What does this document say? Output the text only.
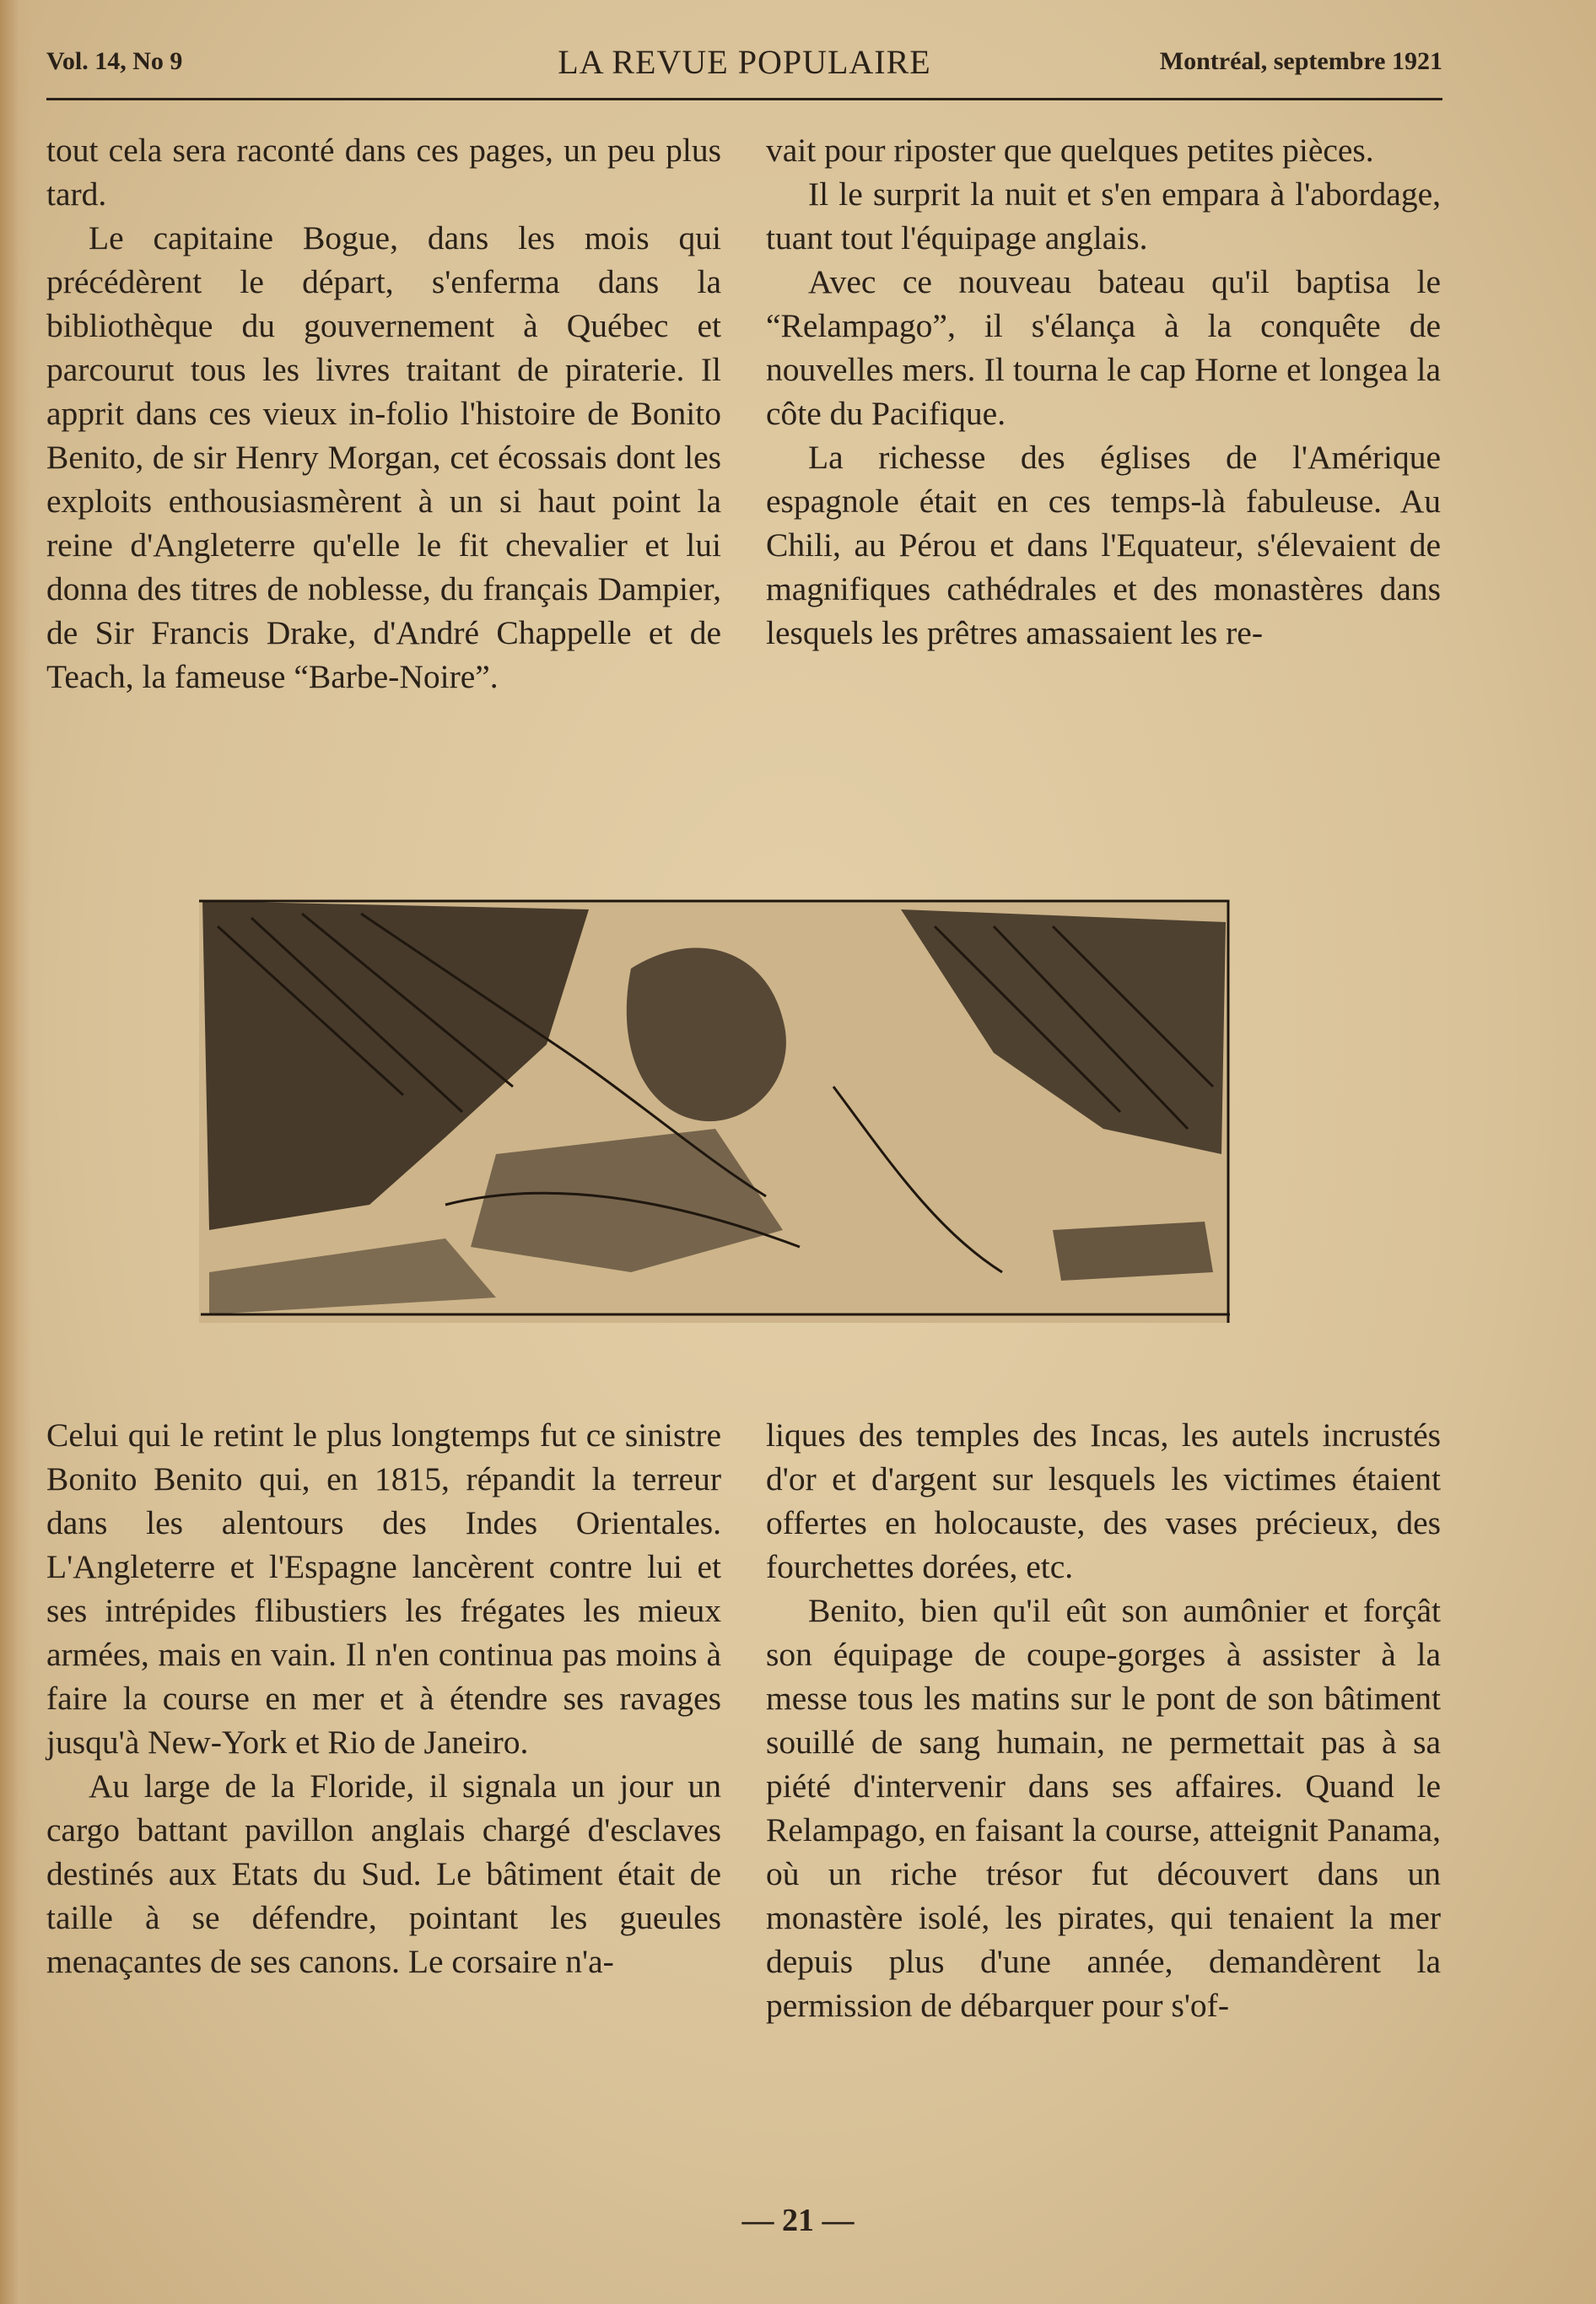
LA REVUE POPULAIRE
Vol. 14, No 9	Montréal, septembre 1921

tout cela sera raconté dans ces pages, un peu plus tard.

Le capitaine Bogue, dans les mois qui précédèrent le départ, s'enferma dans la bibliothèque du gouvernement à Québec et parcourut tous les livres traitant de piraterie. Il apprit dans ces vieux in-folio l'histoire de Bonito Benito, de sir Henry Morgan, cet écossais dont les exploits enthousiasmèrent à un si haut point la reine d'Angleterre qu'elle le fit chevalier et lui donna des titres de noblesse, du français Dampier, de Sir Francis Drake, d'André Chappelle et de Teach, la fameuse “Barbe-Noire”.

vait pour riposter que quelques petites pièces.

Il le surprit la nuit et s'en empara à l'abordage, tuant tout l'équipage anglais.

Avec ce nouveau bateau qu'il baptisa le “Relampago”, il s'élança à la conquête de nouvelles mers. Il tourna le cap Horne et longea la côte du Pacifique.

La richesse des églises de l'Amérique espagnole était en ces temps-là fabuleuse. Au Chili, au Pérou et dans l'Equateur, s'élevaient de magnifiques cathédrales et des monastères dans lesquels les prêtres amassaient les re-

Celui qui le retint le plus longtemps fut ce sinistre Bonito Benito qui, en 1815, répandit la terreur dans les alentours des Indes Orientales. L'Angleterre et l'Espagne lancèrent contre lui et ses intrépides flibustiers les frégates les mieux armées, mais en vain. Il n'en continua pas moins à faire la course en mer et à étendre ses ravages jusqu'à New-York et Rio de Janeiro.

Au large de la Floride, il signala un jour un cargo battant pavillon anglais chargé d'esclaves destinés aux Etats du Sud. Le bâtiment était de taille à se défendre, pointant les gueules menaçantes de ses canons. Le corsaire n'a-

liques des temples des Incas, les autels incrustés d'or et d'argent sur lesquels les victimes étaient offertes en holocauste, des vases précieux, des fourchettes dorées, etc.

Benito, bien qu'il eût son aumônier et forçât son équipage de coupe-gorges à assister à la messe tous les matins sur le pont de son bâtiment souillé de sang humain, ne permettait pas à sa piété d'intervenir dans ses affaires. Quand le Relampago, en faisant la course, atteignit Panama, où un riche trésor fut découvert dans un monastère isolé, les pirates, qui tenaient la mer depuis plus d'une année, demandèrent la permission de débarquer pour s'of-

— 21 —
